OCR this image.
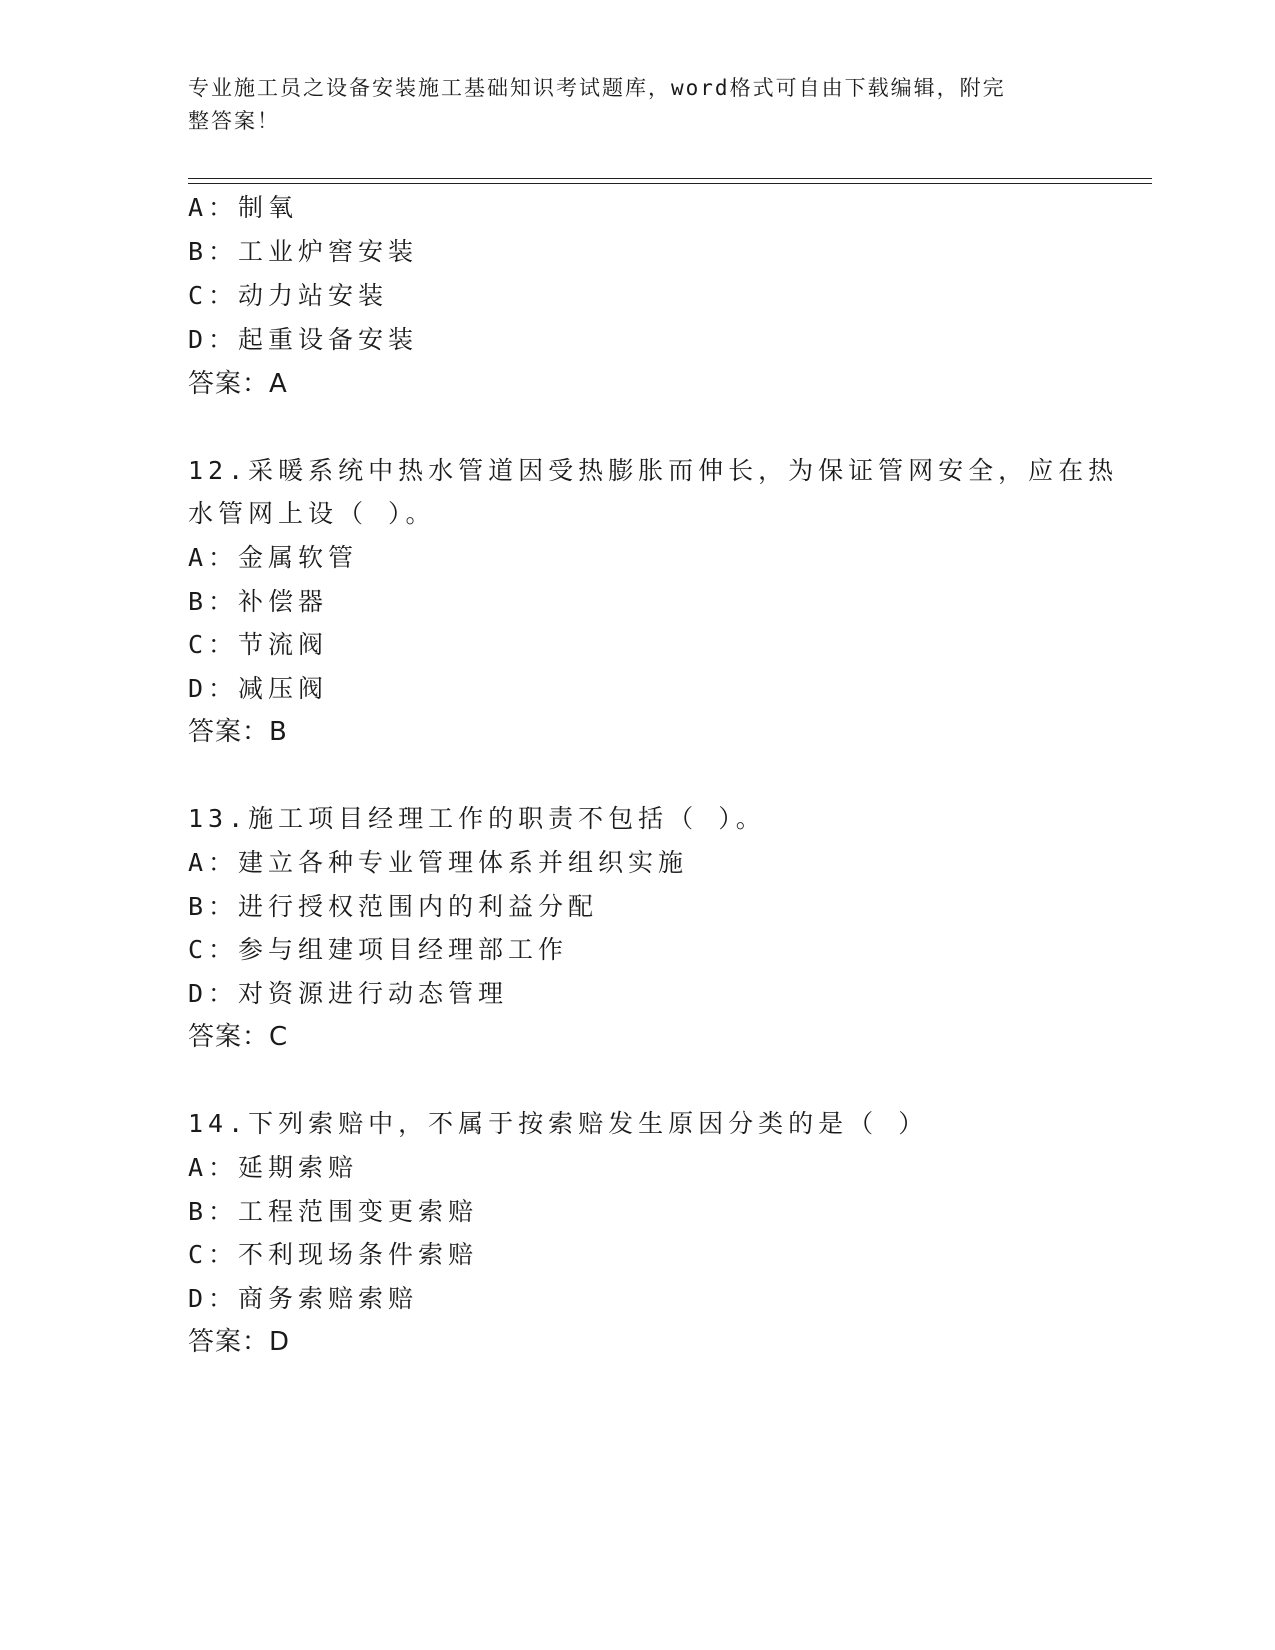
专业施工员之设备安装施工基础知识考试题库，word格式可自由下载编辑，附完
整答案！
A：制氧
B：工业炉窖安装
C：动力站安装
D：起重设备安装
答案：A
12.采暖系统中热水管道因受热膨胀而伸长，为保证管网安全，应在热
水管网上设（ ）。
A：金属软管
B：补偿器
C：节流阀
D：减压阀
答案：B
13.施工项目经理工作的职责不包括（ ）。
A：建立各种专业管理体系并组织实施
B：进行授权范围内的利益分配
C：参与组建项目经理部工作
D：对资源进行动态管理
答案：C
14.下列索赔中，不属于按索赔发生原因分类的是（ ）
A：延期索赔
B：工程范围变更索赔
C：不利现场条件索赔
D：商务索赔索赔
答案：D
